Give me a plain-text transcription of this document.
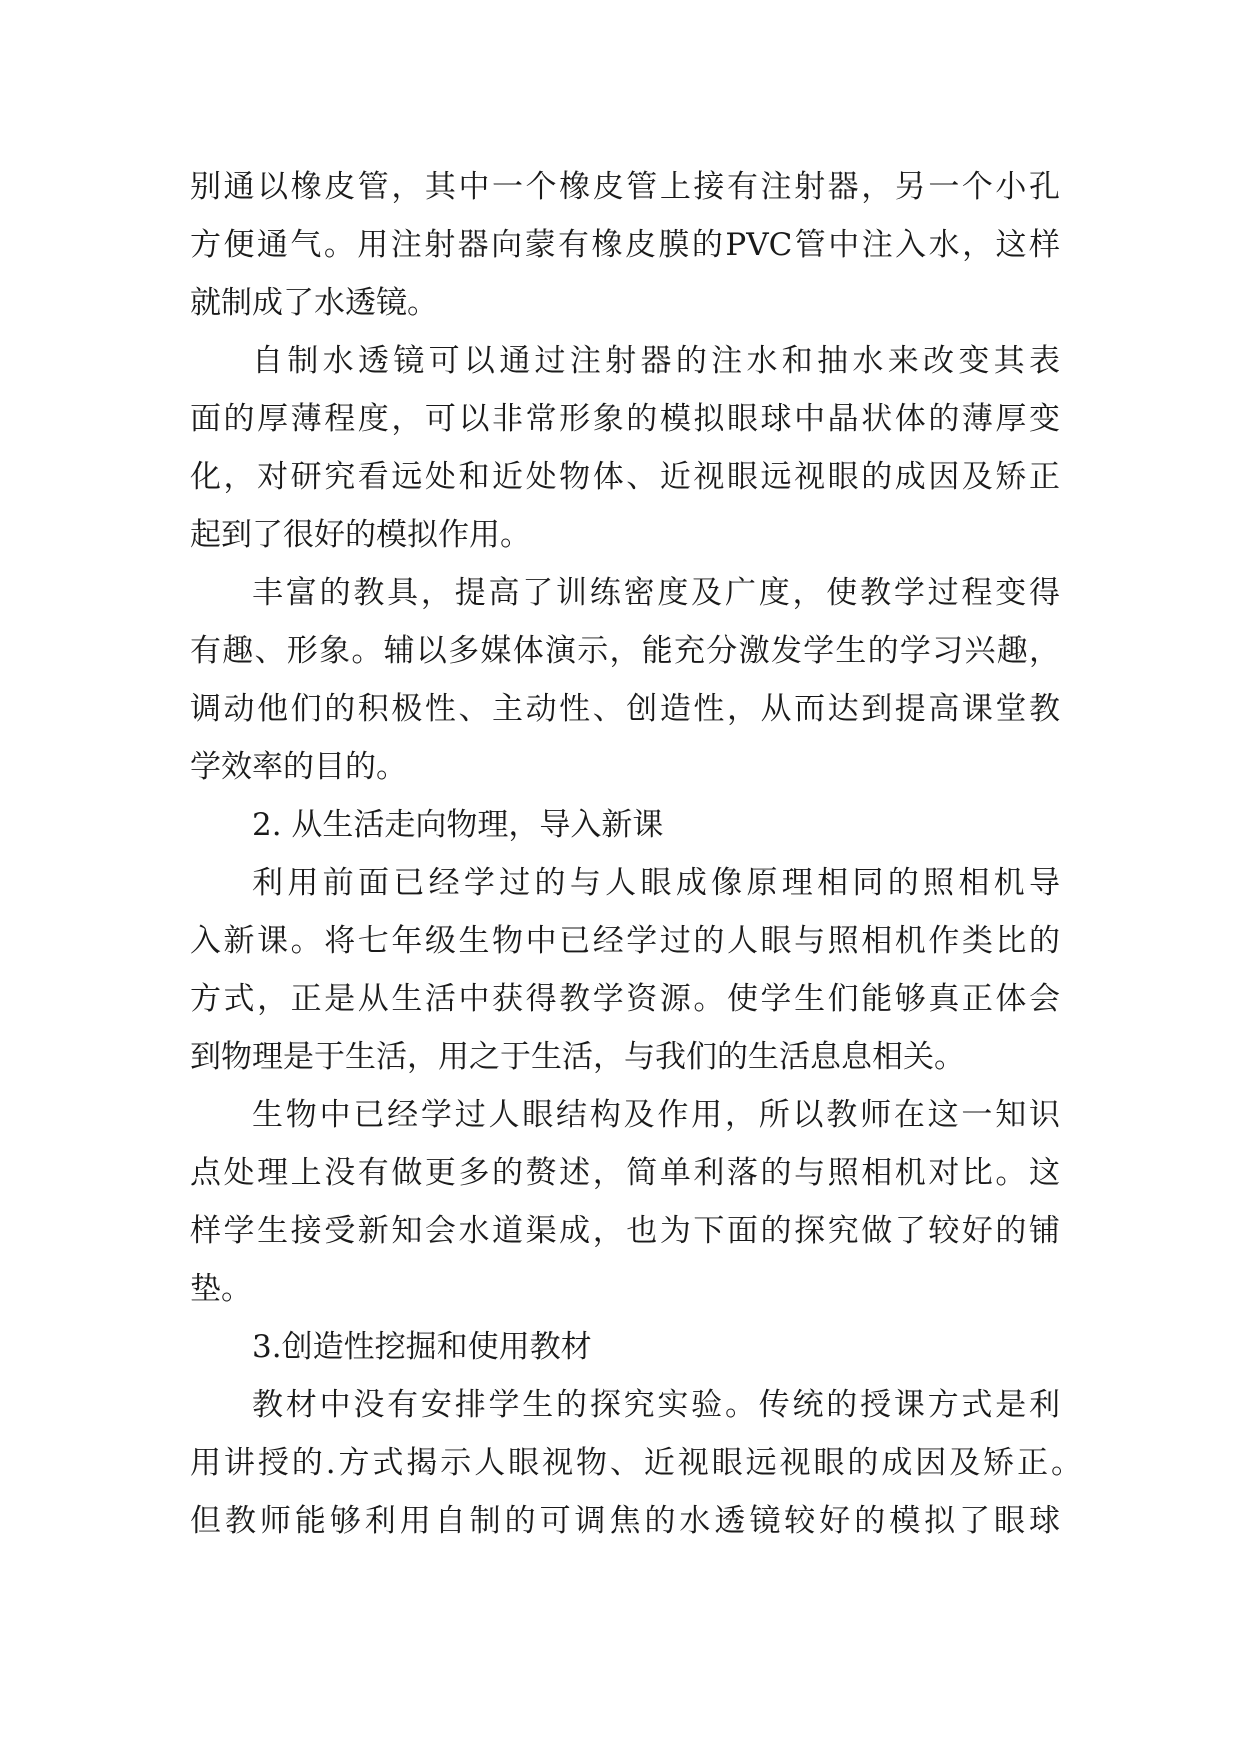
别通以橡皮管，其中一个橡皮管上接有注射器，另一个小孔
方便通气。用注射器向蒙有橡皮膜的PVC管中注入水，这样
就制成了水透镜。
自制水透镜可以通过注射器的注水和抽水来改变其表
面的厚薄程度，可以非常形象的模拟眼球中晶状体的薄厚变
化，对研究看远处和近处物体、近视眼远视眼的成因及矫正
起到了很好的模拟作用。
丰富的教具，提高了训练密度及广度，使教学过程变得
有趣、形象。辅以多媒体演示，能充分激发学生的学习兴趣，
调动他们的积极性、主动性、创造性，从而达到提高课堂教
学效率的目的。
2. 从生活走向物理，导入新课
利用前面已经学过的与人眼成像原理相同的照相机导
入新课。将七年级生物中已经学过的人眼与照相机作类比的
方式，正是从生活中获得教学资源。使学生们能够真正体会
到物理是于生活，用之于生活，与我们的生活息息相关。
生物中已经学过人眼结构及作用，所以教师在这一知识
点处理上没有做更多的赘述，简单利落的与照相机对比。这
样学生接受新知会水道渠成，也为下面的探究做了较好的铺
垫。
3.创造性挖掘和使用教材
教材中没有安排学生的探究实验。传统的授课方式是利
用讲授的.方式揭示人眼视物、近视眼远视眼的成因及矫正。
但教师能够利用自制的可调焦的水透镜较好的模拟了眼球
